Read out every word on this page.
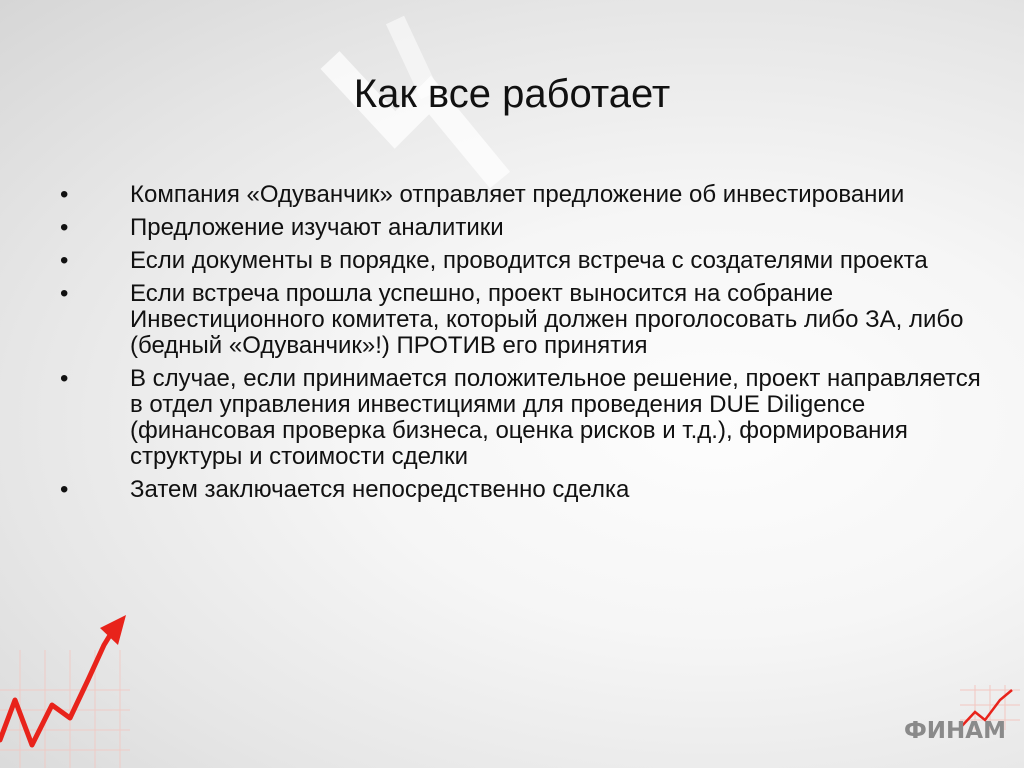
Как все работает
•	Компания «Одуванчик» отправляет предложение об инвестировании
•	Предложение изучают аналитики
•	Если документы в порядке, проводится встреча с создателями проекта
•	Если встреча прошла успешно, проект выносится на собрание Инвестиционного комитета, который должен проголосовать либо ЗА, либо (бедный «Одуванчик»!) ПРОТИВ его принятия
•	В случае, если принимается положительное решение, проект направляется в отдел управления инвестициями для проведения DUE Diligence (финансовая проверка бизнеса, оценка рисков и т.д.), формирования структуры и стоимости сделки
•	Затем заключается непосредственно сделка
ФИНАМ
